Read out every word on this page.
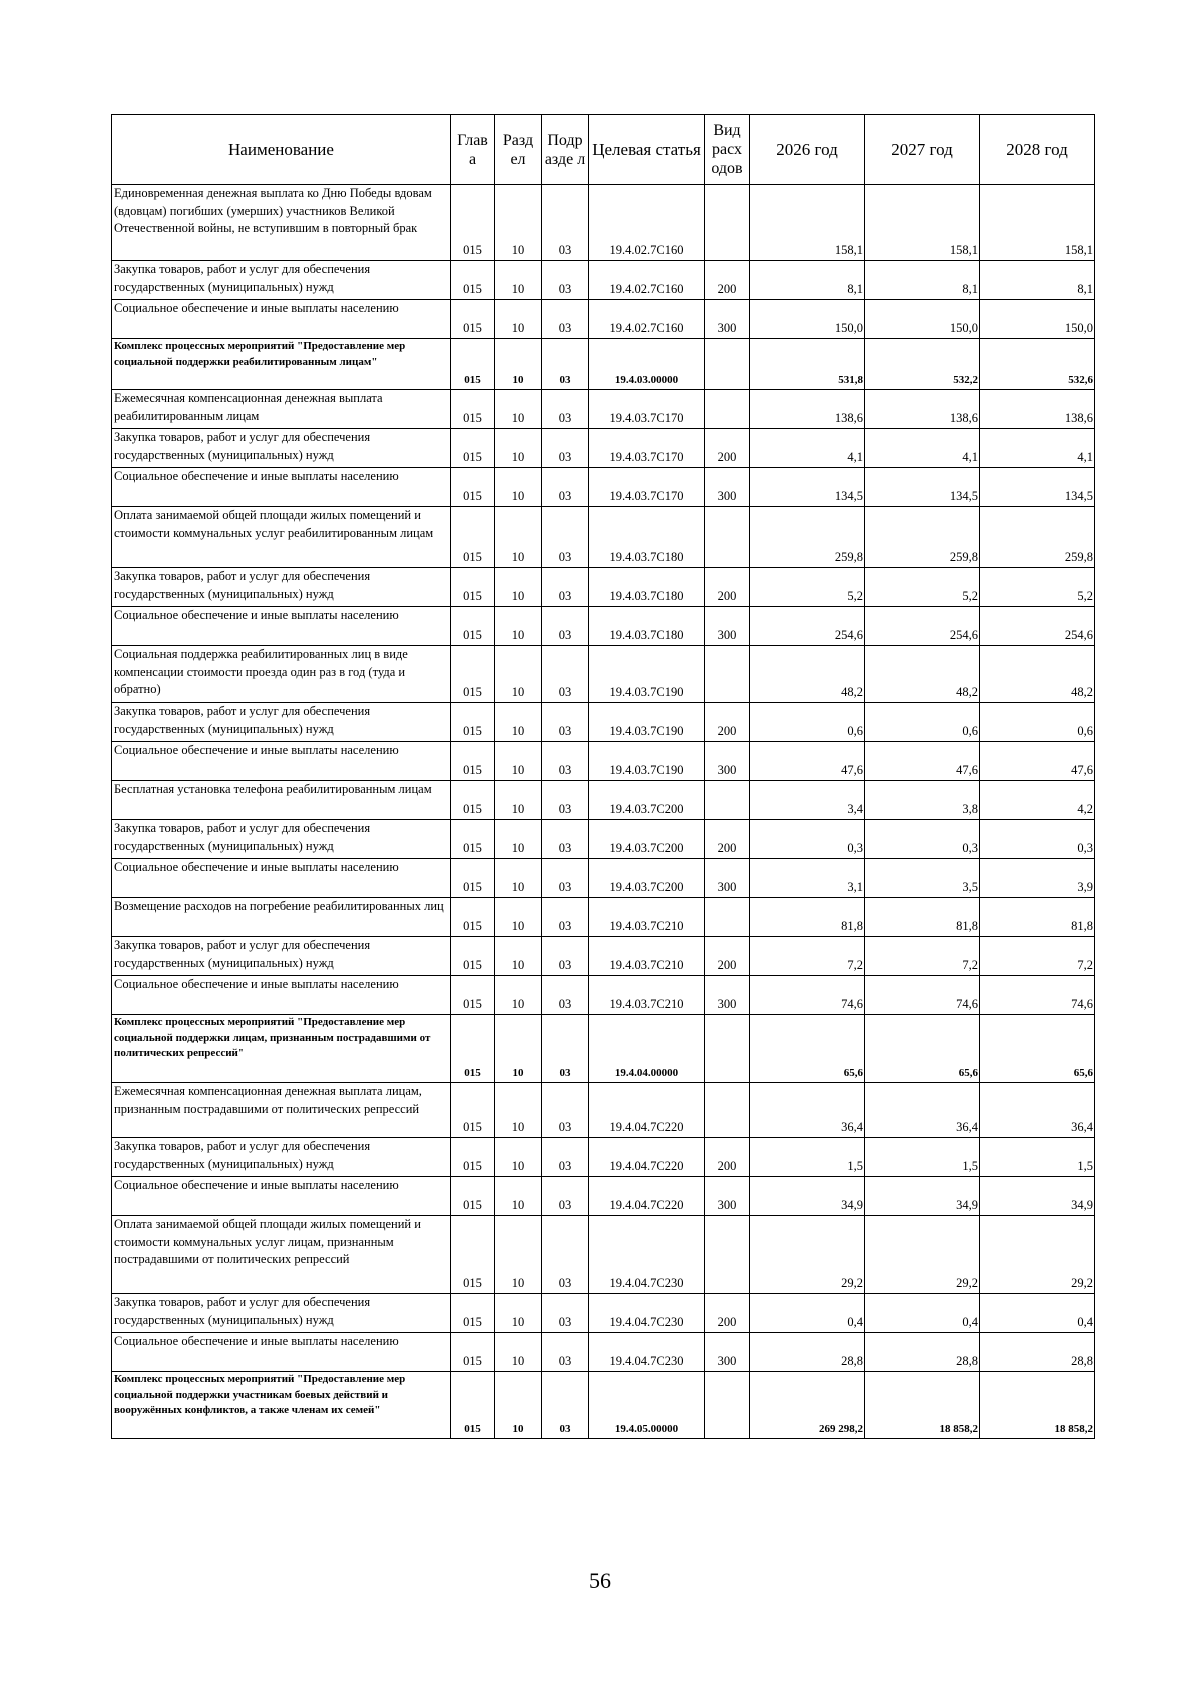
Наименование	Глав а	Разд ел	Подр азде л	Целевая статья	Вид расх одов	2026 год	2027 год	2028 год
Единовременная денежная выплата ко Дню Победы вдовам (вдовцам) погибших (умерших) участников Великой Отечественной войны, не вступившим в повторный брак	015	10	03	19.4.02.7С160		158,1	158,1	158,1
Закупка товаров, работ и услуг для обеспечения государственных (муниципальных) нужд	015	10	03	19.4.02.7С160	200	8,1	8,1	8,1
Социальное обеспечение и иные выплаты населению	015	10	03	19.4.02.7С160	300	150,0	150,0	150,0
Комплекс процессных мероприятий "Предоставление мер социальной поддержки реабилитированным лицам"	015	10	03	19.4.03.00000		531,8	532,2	532,6
Ежемесячная компенсационная денежная выплата реабилитированным лицам	015	10	03	19.4.03.7С170		138,6	138,6	138,6
Закупка товаров, работ и услуг для обеспечения государственных (муниципальных) нужд	015	10	03	19.4.03.7С170	200	4,1	4,1	4,1
Социальное обеспечение и иные выплаты населению	015	10	03	19.4.03.7С170	300	134,5	134,5	134,5
Оплата занимаемой общей площади жилых помещений и стоимости коммунальных услуг реабилитированным лицам	015	10	03	19.4.03.7С180		259,8	259,8	259,8
Закупка товаров, работ и услуг для обеспечения государственных (муниципальных) нужд	015	10	03	19.4.03.7С180	200	5,2	5,2	5,2
Социальное обеспечение и иные выплаты населению	015	10	03	19.4.03.7С180	300	254,6	254,6	254,6
Социальная поддержка реабилитированных лиц в виде компенсации стоимости проезда один раз в год (туда и обратно)	015	10	03	19.4.03.7С190		48,2	48,2	48,2
Закупка товаров, работ и услуг для обеспечения государственных (муниципальных) нужд	015	10	03	19.4.03.7С190	200	0,6	0,6	0,6
Социальное обеспечение и иные выплаты населению	015	10	03	19.4.03.7С190	300	47,6	47,6	47,6
Бесплатная установка телефона реабилитированным лицам	015	10	03	19.4.03.7С200		3,4	3,8	4,2
Закупка товаров, работ и услуг для обеспечения государственных (муниципальных) нужд	015	10	03	19.4.03.7С200	200	0,3	0,3	0,3
Социальное обеспечение и иные выплаты населению	015	10	03	19.4.03.7С200	300	3,1	3,5	3,9
Возмещение расходов на погребение реабилитированных лиц	015	10	03	19.4.03.7С210		81,8	81,8	81,8
Закупка товаров, работ и услуг для обеспечения государственных (муниципальных) нужд	015	10	03	19.4.03.7С210	200	7,2	7,2	7,2
Социальное обеспечение и иные выплаты населению	015	10	03	19.4.03.7С210	300	74,6	74,6	74,6
Комплекс процессных мероприятий "Предоставление мер социальной поддержки лицам, признанным пострадавшими от политических репрессий"	015	10	03	19.4.04.00000		65,6	65,6	65,6
Ежемесячная компенсационная денежная выплата лицам, признанным пострадавшими от политических репрессий	015	10	03	19.4.04.7С220		36,4	36,4	36,4
Закупка товаров, работ и услуг для обеспечения государственных (муниципальных) нужд	015	10	03	19.4.04.7С220	200	1,5	1,5	1,5
Социальное обеспечение и иные выплаты населению	015	10	03	19.4.04.7С220	300	34,9	34,9	34,9
Оплата занимаемой общей площади жилых помещений и стоимости коммунальных услуг лицам, признанным пострадавшими от политических репрессий	015	10	03	19.4.04.7С230		29,2	29,2	29,2
Закупка товаров, работ и услуг для обеспечения государственных (муниципальных) нужд	015	10	03	19.4.04.7С230	200	0,4	0,4	0,4
Социальное обеспечение и иные выплаты населению	015	10	03	19.4.04.7С230	300	28,8	28,8	28,8
Комплекс процессных мероприятий "Предоставление мер социальной поддержки участникам боевых действий и вооружённых конфликтов, а также членам их семей"	015	10	03	19.4.05.00000		269 298,2	18 858,2	18 858,2
56
